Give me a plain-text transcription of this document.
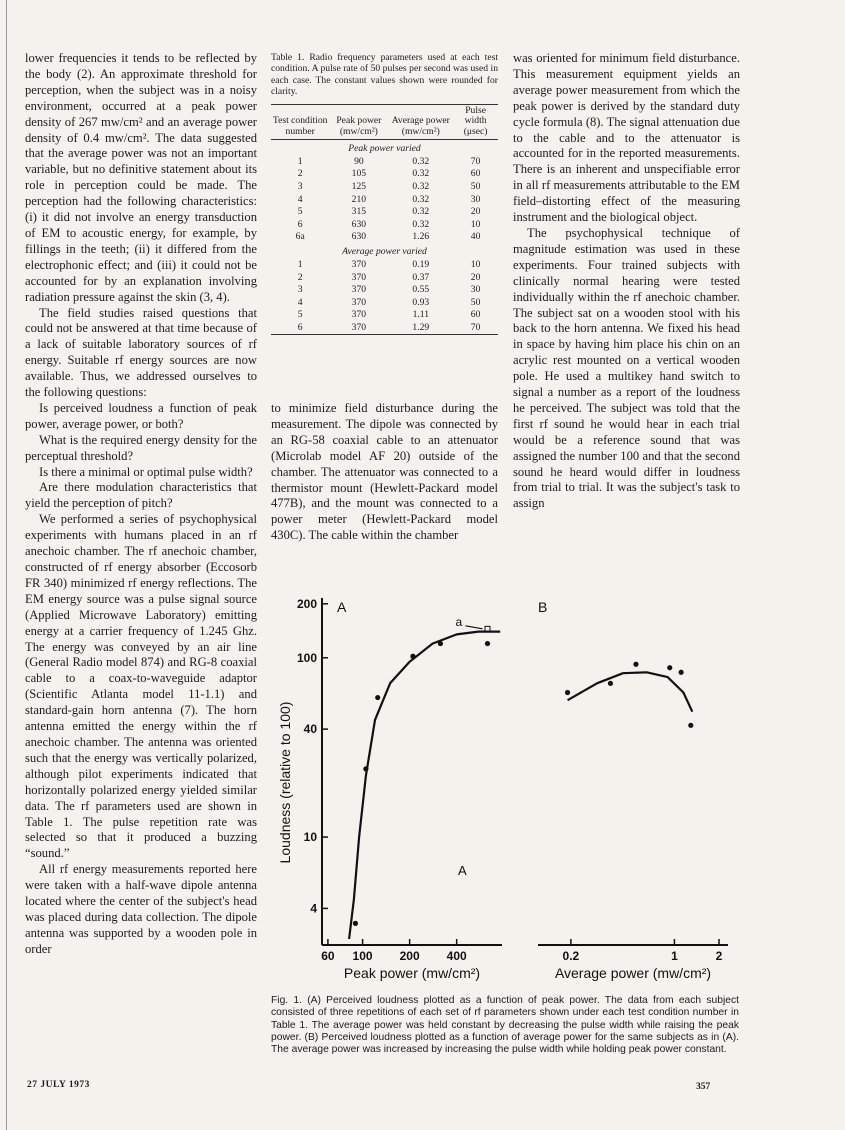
lower frequencies it tends to be reflected by the body (2). An approximate threshold for perception, when the subject was in a noisy environment, occurred at a peak power density of 267 mw/cm² and an average power density of 0.4 mw/cm². The data suggested that the average power was not an important variable, but no definitive statement about its role in perception could be made. The perception had the following characteristics: (i) it did not involve an energy transduction of EM to acoustic energy, for example, by fillings in the teeth; (ii) it differed from the electrophonic effect; and (iii) it could not be accounted for by an explanation involving radiation pressure against the skin (3, 4).

The field studies raised questions that could not be answered at that time because of a lack of suitable laboratory sources of rf energy. Suitable rf energy sources are now available. Thus, we addressed ourselves to the following questions:

Is perceived loudness a function of peak power, average power, or both?

What is the required energy density for the perceptual threshold?

Is there a minimal or optimal pulse width?

Are there modulation characteristics that yield the perception of pitch?

We performed a series of psychophysical experiments with humans placed in an rf anechoic chamber. The rf anechoic chamber, constructed of rf energy absorber (Eccosorb FR 340) minimized rf energy reflections. The EM energy source was a pulse signal source (Applied Microwave Laboratory) emitting energy at a carrier frequency of 1.245 Ghz. The energy was conveyed by an air line (General Radio model 874) and RG-8 coaxial cable to a coax-to-waveguide adaptor (Scientific Atlanta model 11-1.1) and standard-gain horn antenna (7). The horn antenna emitted the energy within the rf anechoic chamber. The antenna was oriented such that the energy was vertically polarized, although pilot experiments indicated that horizontally polarized energy yielded similar data. The rf parameters used are shown in Table 1. The pulse repetition rate was selected so that it produced a buzzing “sound.”

All rf energy measurements reported here were taken with a half-wave dipole antenna located where the center of the subject's head was placed during data collection. The dipole antenna was supported by a wooden pole in order

Table 1. Radio frequency parameters used at each test condition. A pulse rate of 50 pulses per second was used in each case. The constant values shown were rounded for clarity.

Test condition number	Peak power (mw/cm²)	Average power (mw/cm²)	Pulse width (μsec)
Peak power varied			
1	90	0.32	70
2	105	0.32	60
3	125	0.32	50
4	210	0.32	30
5	315	0.32	20
6	630	0.32	10
6a	630	1.26	40
Average power varied			
1	370	0.19	10
2	370	0.37	20
3	370	0.55	30
4	370	0.93	50
5	370	1.11	60
6	370	1.29	70

to minimize field disturbance during the measurement. The dipole was connected by an RG-58 coaxial cable to an attenuator (Microlab model AF 20) outside of the chamber. The attenuator was connected to a thermistor mount (Hewlett-Packard model 477B), and the mount was connected to a power meter (Hewlett-Packard model 430C). The cable within the chamber

was oriented for minimum field disturbance. This measurement equipment yields an average power measurement from which the peak power is derived by the standard duty cycle formula (8). The signal attenuation due to the cable and to the attenuator is accounted for in the reported measurements. There is an inherent and unspecifiable error in all rf measurements attributable to the EM field–distorting effect of the measuring instrument and the biological object.

The psychophysical technique of magnitude estimation was used in these experiments. Four trained subjects with clinically normal hearing were tested individually within the rf anechoic chamber. The subject sat on a wooden stool with his back to the horn antenna. We fixed his head in space by having him place his chin on an acrylic rest mounted on a vertical wooden pole. He used a multikey hand switch to signal a number as a report of the loudness he perceived. The subject was told that the first rf sound he would hear in each trial would be a reference sound that was assigned the number 100 and that the second sound he heard would differ in loudness from trial to trial. It was the subject's task to assign

4
10
40
100
200
60 100 200 400	0.2	1	2
Loudness (relative to 100)
Peak power (mw/cm²)	Average power (mw/cm²)
A	B
A
a

Fig. 1. (A) Perceived loudness plotted as a function of peak power. The data from each subject consisted of three repetitions of each set of rf parameters shown under each test condition number in Table 1. The average power was held constant by decreasing the pulse width while raising the peak power. (B) Perceived loudness plotted as a function of average power for the same subjects as in (A). The average power was increased by increasing the pulse width while holding peak power constant.

27 JULY 1973	357
